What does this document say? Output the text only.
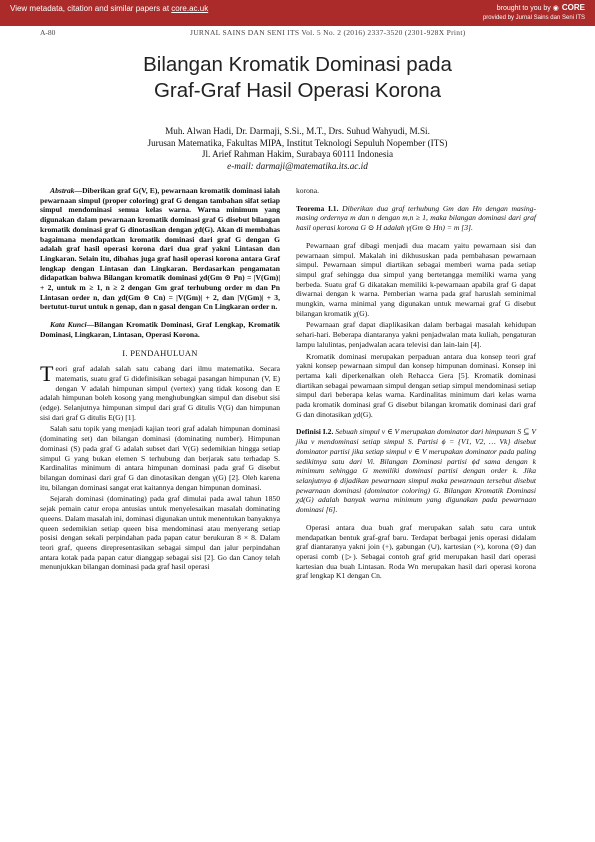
View metadata, citation and similar papers at core.ac.uk	brought to you by ◉ CORE
provided by Jurnal Sains dan Seni ITS
A-80	JURNAL SAINS DAN SENI ITS Vol. 5 No. 2 (2016) 2337-3520 (2301-928X Print)
Bilangan Kromatik Dominasi pada
Graf-Graf Hasil Operasi Korona
Muh. Alwan Hadi, Dr. Darmaji, S.Si., M.T., Drs. Suhud Wahyudi, M.Si.
Jurusan Matematika, Fakultas MIPA, Institut Teknologi Sepuluh Nopember (ITS)
Jl. Arief Rahman Hakim, Surabaya 60111 Indonesia
e-mail: darmaji@matematika.its.ac.id

Abstrak—Diberikan graf G(V, E), pewarnaan kromatik dominasi ialah pewarnaan simpul (proper coloring) graf G dengan tambahan sifat setiap simpul mendominasi semua kelas warna. Warna minimum yang digunakan dalam pewarnaan kromatik dominasi graf G disebut bilangan kromatik dominasi graf G dinotasikan dengan χd(G). Akan di membahas bagaimana mendapatkan kromatik dominasi dari graf G dengan G adalah graf hasil operasi korona dari dua graf yakni Lintasan dan Lingkaran. Selain itu, dibahas juga graf hasil operasi korona antara Graf lengkap dengan Lintasan dan Lingkaran. Berdasarkan pengamatan didapatkan bahwa Bilangan kromatik dominasi χd(Gm ⊙ Pn) = |V(Gm)| + 2, untuk m ≥ 1, n ≥ 2 dengan Gm graf terhubung order m dan Pn Lintasan order n, dan χd(Gm ⊙ Cn) = |V(Gm)| + 2, dan |V(Gm)| + 3, bertutut-turut untuk n genap, dan n gasal dengan Cn Lingkaran order n.

Kata Kunci—Bilangan Kromatik Dominasi, Graf Lengkap, Kromatik Dominasi, Lingkaran, Lintasan, Operasi Korona.

I. PENDAHULUAN

Teori graf adalah salah satu cabang dari ilmu matematika. Secara matematis, suatu graf G didefinisikan sebagai pasangan himpunan (V, E) dengan V adalah himpunan simpul (vertex) yang tidak kosong dan E adalah himpunan boleh kosong yang menghubungkan simpul dan disebut sisi (edge). Selanjutnya himpunan simpul dari graf G ditulis V(G) dan himpunan sisi dari graf G ditulis E(G) [1].

Salah satu topik yang menjadi kajian teori graf adalah himpunan dominasi (dominating set) dan bilangan dominasi (dominating number). Himpunan dominasi (S) pada graf G adalah subset dari V(G) sedemikian hingga setiap simpul G yang bukan elemen S terhubung dan berjarak satu terhadap S. Kardinalitas minimum di antara himpunan dominasi pada graf G disebut bilangan dominasi dari graf G dan dinotasikan dengan γ(G) [2]. Oleh karena itu, bilangan dominasi sangat erat kaitannya dengan himpunan dominasi.

Sejarah dominasi (dominating) pada graf dimulai pada awal tahun 1850 sejak pemain catur eropa antusias untuk menyelesaikan masalah dominating queens. Dalam masalah ini, dominasi digunakan untuk menentukan banyaknya queen sedemikian setiap queen bisa mendominasi atau menyerang setiap posisi dengan sekali perpindahan pada papan catur berukuran 8 × 8. Dalam teori graf, queens direpresentasikan sebagai simpul dan jalur perpindahan antara kotak pada papan catur dianggap sebagai sisi [2]. Go dan Canoy telah menunjukkan bilangan dominasi pada graf hasil operasi

korona.

Teorema I.1. Diberikan dua graf terhubung Gm dan Hn dengan masing-masing ordernya m dan n dengan m,n ≥ 1, maka bilangan dominasi dari graf hasil operasi korona G ⊙ H adalah γ(Gm ⊙ Hn) = m [3].

Pewarnaan graf dibagi menjadi dua macam yaitu pewarnaan sisi dan pewarnaan simpul. Makalah ini dikhususkan pada pembahasan pewarnaan simpul. Pewarnaan simpul diartikan sebagai memberi warna pada setiap simpul graf sehingga dua simpul yang bertetangga memiliki warna yang berbeda. Suatu graf G dikatakan memiliki k-pewarnaan apabila graf G dapat diwarnai dengan k warna. Pemberian warna pada graf haruslah seminimal mungkin, warna minimal yang digunakan untuk mewarnai graf G disebut bilangan kromatik χ(G).

Pewarnaan graf dapat diaplikasikan dalam berbagai masalah kehidupan sehari-hari. Beberapa diantaranya yakni penjadwalan mata kuliah, pengaturan lampu lalulintas, penjadwalan acara televisi dan lain-lain [4].

Kromatik dominasi merupakan perpaduan antara dua konsep teori graf yakni konsep pewarnaan simpul dan konsep himpunan dominasi. Konsep ini pertama kali diperkenalkan oleh Rehacca Gera [5]. Kromatik dominasi diartikan sebagai pewarnaan simpul dengan setiap simpul mendominasi setiap simpul dari beberapa kelas warna. Kardinalitas minimum dari kelas warna pada kromatik dominasi graf G disebut bilangan kromatik dominasi dari graf G dan dinotasikan χd(G).

Definisi I.2. Sebuah simpul v ∈ V merupakan dominator dari himpunan S ⊆ V jika v mendominasi setiap simpul S. Partisi ϕ = {V1, V2, … Vk} disebut dominator partisi jika setiap simpul v ∈ V merupakan dominator pada paling sedikitnya satu dari Vi. Bilangan Dominasi partisi ϕd sama dengan k minimum sehingga G memiliki dominasi partisi dengan order k. Jika selanjutnya ϕ dijadikan pewarnaan simpul maka pewarnaan tersebut disebut pewarnaan dominasi (dominator coloring) G. Bilangan Kromatik Dominasi χd(G) adalah banyak warna minimum yang digunakan pada pewarnaan dominasi [6].

Operasi antara dua buah graf merupakan salah satu cara untuk mendapatkan bentuk graf-graf baru. Terdapat berbagai jenis operasi didalam graf diantaranya yakni join (+), gabungan (∪), kartesian (×), korona (⊙) dan operasi comb (▷). Sebagai contoh graf grid merupakan hasil dari operasi kartesian dua buah Lintasan. Roda Wn merupakan hasil dari operasi korona graf lengkap K1 dengan Cn.
